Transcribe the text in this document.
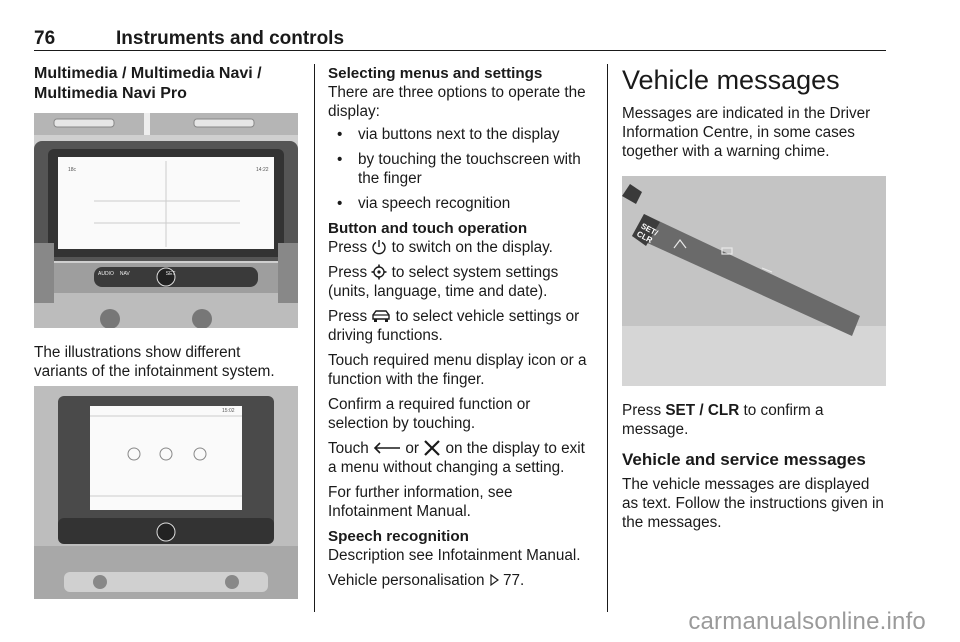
76	Instruments and controls

Multimedia / Multimedia Navi / Multimedia Navi Pro

18c	14:22
AUDIO NAV	SET

The illustrations show different variants of the infotainment system.

15:02

Selecting menus and settings

There are three options to operate the display:

• via buttons next to the display
• by touching the touchscreen with the finger
• via speech recognition

Button and touch operation

Press to switch on the display.

Press to select system settings (units, language, time and date).

Press to select vehicle settings or driving functions.

Touch required menu display icon or a function with the finger.

Confirm a required function or selection by touching.

Touch or on the display to exit a menu without changing a setting.

For further information, see Infotainment Manual.

Speech recognition

Description see Infotainment Manual.

Vehicle personalisation 77.

Vehicle messages

Messages are indicated in the Driver Information Centre, in some cases together with a warning chime.

SET/ CLR

Press SET / CLR to confirm a message.

Vehicle and service messages

The vehicle messages are displayed as text. Follow the instructions given in the messages.

carmanualsonline.info
